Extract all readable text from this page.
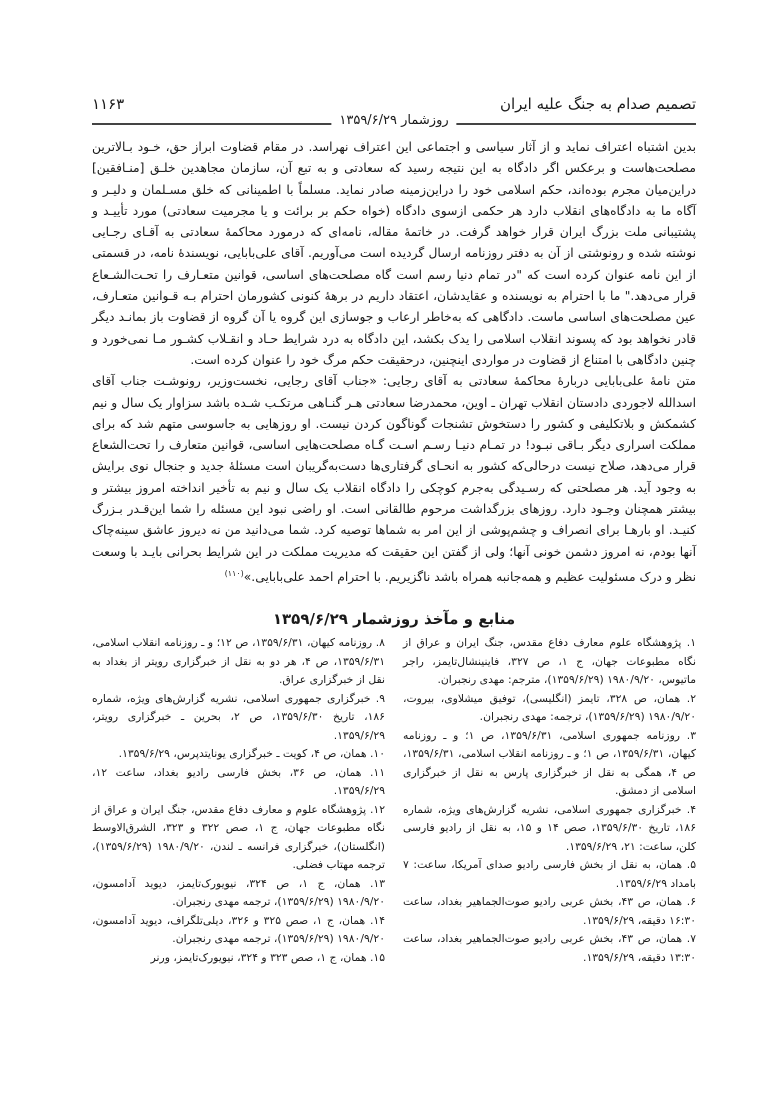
تصمیم صدام به جنگ علیه ایران
۱۱۶۳
روزشمار ۱۳۵۹/۶/۲۹

بدین اشتباه اعتراف نماید و از آثار سیاسی و اجتماعی این اعتراف نهراسد. در مقام قضاوت ابراز حق، خـود بـالاترین مصلحت‌هاست و برعکس اگر دادگاه به این نتیجه رسید که سعادتی و به تبع آن، سازمان مجاهدین خلـق [منـافقین] دراین‌میان مجرم بوده‌اند، حکم اسلامی خود را دراین‌زمینه صادر نماید. مسلماً با اطمینانی که خلق مسـلمان و دلیـر و آگاه ما به دادگاه‌های انقلاب دارد هر حکمی ازسوی دادگاه (خواه حکم بر برائت و یا مجرمیت سعادتی) مورد تأییـد و پشتیبانی ملت بزرگ ایران قرار خواهد گرفت. در خاتمهٔ مقاله، نامه‌ای که درمورد محاکمهٔ سعادتی به آقـای رجـایی نوشته شده و رونوشتی از آن به دفتر روزنامه ارسال گردیده است می‌آوریم. آقای علی‌بابایی، نویسندهٔ نامه، در قسمتی از این نامه عنوان کرده است که "در تمام دنیا رسم است گاه مصلحت‌های اساسی، قوانین متعـارف را تحـت‌الشـعاع قرار می‌دهد." ما با احترام به نویسنده و عقایدشان، اعتقاد داریم در برههٔ کنونی کشورمان احترام بـه قـوانین متعـارف، عین مصلحت‌های اساسی ماست. دادگاهی که به‌خاطر ارعاب و جوسازی این گروه یا آن گروه از قضاوت باز بمانـد دیگر قادر نخواهد بود که پسوند انقلاب اسلامی را یدک بکشد، این دادگاه به درد شرایط حـاد و انقـلاب کشـور مـا نمی‌خورد و چنین دادگاهی با امتناع از قضاوت در مواردی اینچنین، درحقیقت حکم مرگ خود را عنوان کرده است.

متن نامهٔ علی‌بابایی دربارهٔ محاکمهٔ سعادتی به آقای رجایی: «جناب آقای رجایی، نخست‌وزیر، رونوشـت جناب آقای اسدالله لاجوردی دادستان انقلاب تهران ـ اوین، محمدرضا سعادتی هـر گنـاهی مرتکـب شـده باشد سزاوار یک سال و نیم کشمکش و بلاتکلیفی و کشور را دستخوش تشنجات گوناگون کردن نیست. او روزهایی به جاسوسی متهم شد که برای مملکت اسراری دیگر بـاقی نبـود! در تمـام دنیـا رسـم اسـت گـاه مصلحت‌هایی اساسی، قوانین متعارف را تحت‌الشعاع قرار می‌دهد، صلاح نیست درحالی‌که کشور به انحـای گرفتاری‌ها دست‌به‌گریبان است مسئلهٔ جدید و جنجال نوی برایش به وجود آید. هر مصلحتی که رسـیدگی به‌جرم کوچکی را دادگاه انقلاب یک سال و نیم به تأخیر انداخته امروز بیشتر و بیشتر همچنان وجـود دارد. روزهای بزرگداشت مرحوم طالقانی است. او راضی نبود این مسئله را شما این‌قـدر بـزرگ کنیـد. او بارهـا برای انصراف و چشم‌پوشی از این امر به شماها توصیه کرد. شما می‌دانید من نه دیروز عاشق سینه‌چاک آنها بودم، نه امروز دشمن خونی آنها؛ ولی از گفتن این حقیقت که مدیریت مملکت در این شرایط بحرانی بایـد با وسعت نظر و درک مسئولیت عظیم و همه‌جانبه همراه باشد ناگزیریم. با احترام احمد علی‌بابایی.»$^{(۱۱۰)}$

منابع و مآخذ روزشمار ۱۳۵۹/۶/۲۹
۱. پژوهشگاه علوم معارف دفاع مقدس، جنگ ایران و عراق از نگاه مطبوعات جهان، ج ۱، ص ۳۲۷، فاینینشال‌تایمز، راجر ماتیوس، ۱۹۸۰/۹/۲۰ (۱۳۵۹/۶/۲۹)، مترجم: مهدی رنجبران.
۲. همان، ص ۳۲۸، تایمز (انگلیسی)، توفیق میشلاوی، بیروت، ۱۹۸۰/۹/۲۰ (۱۳۵۹/۶/۲۹)، ترجمه: مهدی رنجبران.
۳. روزنامه جمهوری اسلامی، ۱۳۵۹/۶/۳۱، ص ۱؛ و ـ روزنامه کیهان، ۱۳۵۹/۶/۳۱، ص ۱؛ و ـ روزنامه انقلاب اسلامی، ۱۳۵۹/۶/۳۱، ص ۴، همگی به نقل از خبرگزاری پارس به نقل از خبرگزاری اسلامی از دمشق.
۴. خبرگزاری جمهوری اسلامی، نشریه گزارش‌های ویژه، شماره ۱۸۶، تاریخ ۱۳۵۹/۶/۳۰، صص ۱۴ و ۱۵، به نقل از رادیو فارسی کلن، ساعت: ۲۱، ۱۳۵۹/۶/۲۹.
۵. همان، به نقل از بخش فارسی رادیو صدای آمریکا، ساعت: ۷ بامداد ۱۳۵۹/۶/۲۹.
۶. همان، ص ۴۳، بخش عربی رادیو صوت‌الجماهیر بغداد، ساعت ۱۶:۳۰ دقیقه، ۱۳۵۹/۶/۲۹.
۷. همان، ص ۴۳، بخش عربی رادیو صوت‌الجماهیر بغداد، ساعت ۱۳:۳۰ دقیقه، ۱۳۵۹/۶/۲۹.
۸. روزنامه کیهان، ۱۳۵۹/۶/۳۱، ص ۱۲؛ و ـ روزنامه انقلاب اسلامی، ۱۳۵۹/۶/۳۱، ص ۴، هر دو به نقل از خبرگزاری رویتر از بغداد به نقل از خبرگزاری عراق.
۹. خبرگزاری جمهوری اسلامی، نشریه گزارش‌های ویژه، شماره ۱۸۶، تاریخ ۱۳۵۹/۶/۳۰، ص ۲، بحرین ـ خبرگزاری رویتر، ۱۳۵۹/۶/۲۹.
۱۰. همان، ص ۴، کویت ـ خبرگزاری یونایتدپرس، ۱۳۵۹/۶/۲۹.
۱۱. همان، ص ۳۶، بخش فارسی رادیو بغداد، ساعت ۱۲، ۱۳۵۹/۶/۲۹.
۱۲. پژوهشگاه علوم و معارف دفاع مقدس، جنگ ایران و عراق از نگاه مطبوعات جهان، ج ۱، صص ۳۲۲ و ۳۲۳، الشرق‌الاوسط (انگلستان)، خبرگزاری فرانسه ـ لندن، ۱۹۸۰/۹/۲۰ (۱۳۵۹/۶/۲۹)، ترجمه مهتاب فضلی.
۱۳. همان، ج ۱، ص ۳۲۴، نیویورک‌تایمز، دیوید آدامسون، ۱۹۸۰/۹/۲۰ (۱۳۵۹/۶/۲۹)، ترجمه مهدی رنجبران.
۱۴. همان، ج ۱، صص ۳۲۵ و ۳۲۶، دیلی‌تلگراف، دیوید آدامسون، ۱۹۸۰/۹/۲۰ (۱۳۵۹/۶/۲۹)، ترجمه مهدی رنجبران.
۱۵. همان، ج ۱، صص ۳۲۳ و ۳۲۴، نیویورک‌تایمز، ورنر
